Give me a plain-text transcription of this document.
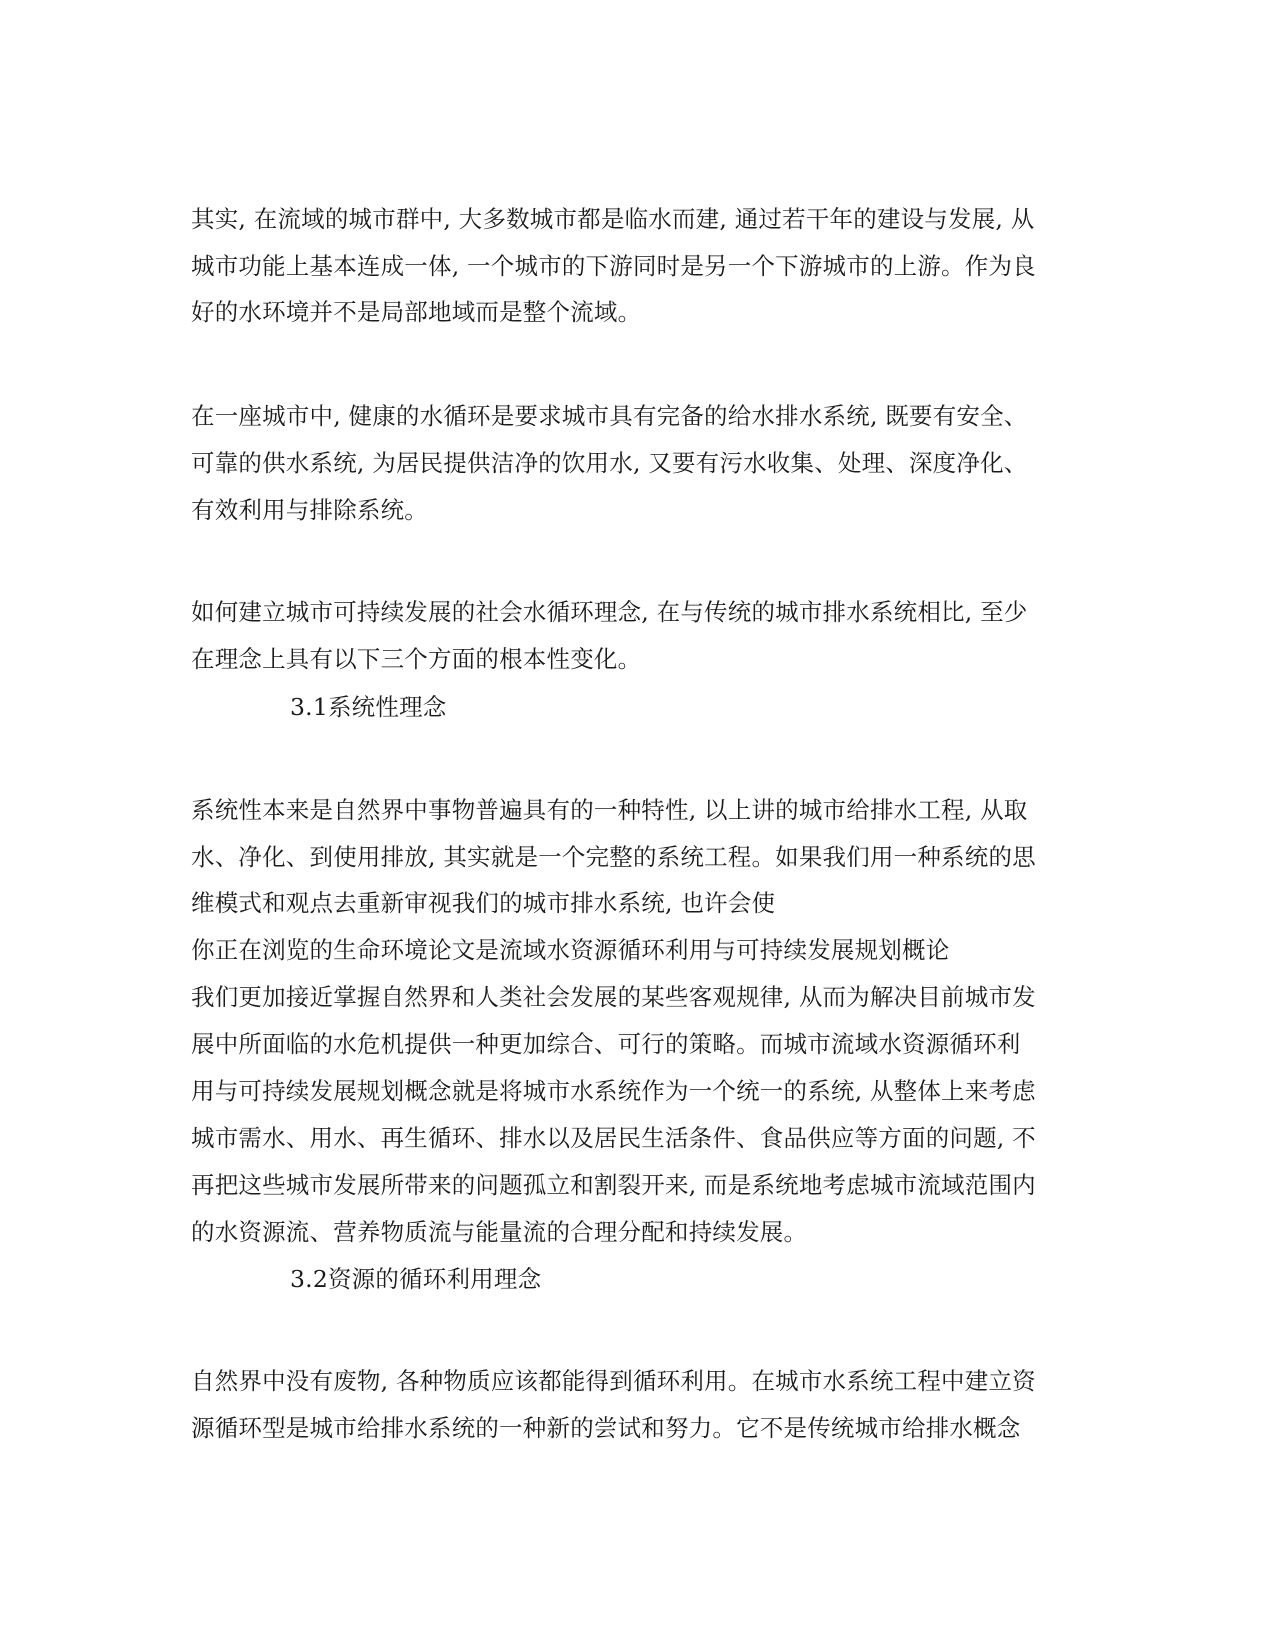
其实, 在流域的城市群中, 大多数城市都是临水而建, 通过若干年的建设与发展, 从
城市功能上基本连成一体, 一个城市的下游同时是另一个下游城市的上游。作为良
好的水环境并不是局部地域而是整个流域。
在一座城市中, 健康的水循环是要求城市具有完备的给水排水系统, 既要有安全、
可靠的供水系统, 为居民提供洁净的饮用水, 又要有污水收集、处理、深度净化、
有效利用与排除系统。
如何建立城市可持续发展的社会水循环理念, 在与传统的城市排水系统相比, 至少
在理念上具有以下三个方面的根本性变化。
3.1系统性理念
系统性本来是自然界中事物普遍具有的一种特性, 以上讲的城市给排水工程, 从取
水、净化、到使用排放, 其实就是一个完整的系统工程。如果我们用一种系统的思
维模式和观点去重新审视我们的城市排水系统, 也许会使
你正在浏览的生命环境论文是流域水资源循环利用与可持续发展规划概论
我们更加接近掌握自然界和人类社会发展的某些客观规律, 从而为解决目前城市发
展中所面临的水危机提供一种更加综合、可行的策略。而城市流域水资源循环利
用与可持续发展规划概念就是将城市水系统作为一个统一的系统, 从整体上来考虑
城市需水、用水、再生循环、排水以及居民生活条件、食品供应等方面的问题, 不
再把这些城市发展所带来的问题孤立和割裂开来, 而是系统地考虑城市流域范围内
的水资源流、营养物质流与能量流的合理分配和持续发展。
3.2资源的循环利用理念
自然界中没有废物, 各种物质应该都能得到循环利用。在城市水系统工程中建立资
源循环型是城市给排水系统的一种新的尝试和努力。它不是传统城市给排水概念
